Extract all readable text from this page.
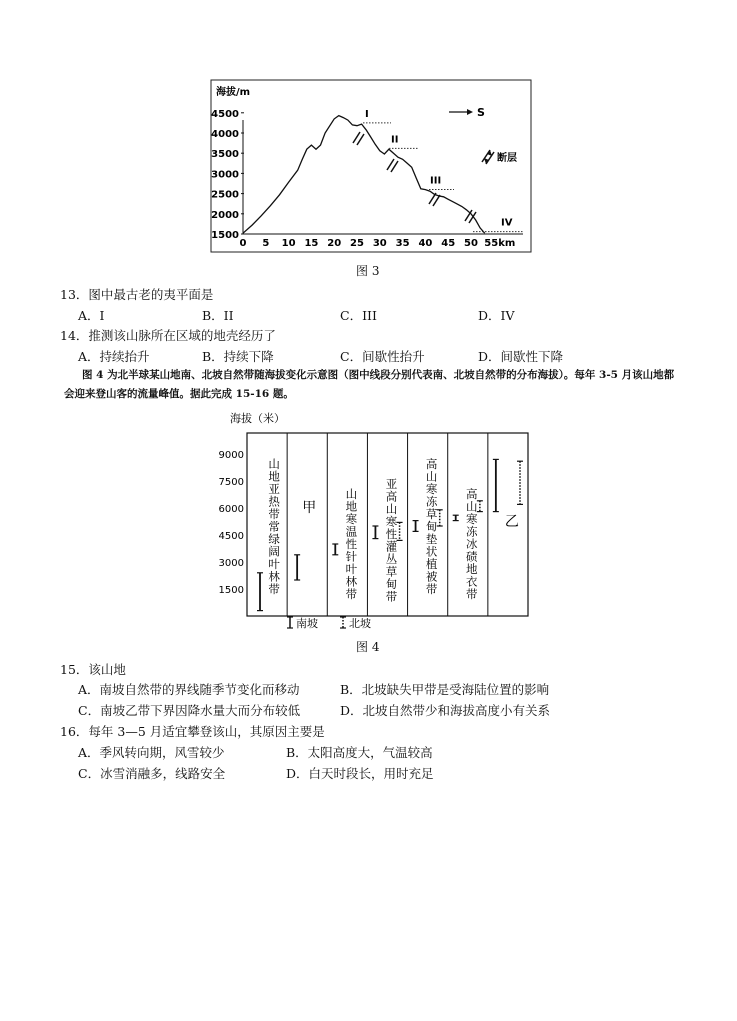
海拔/m
4500
4000
3500
3000
2500
2000
1500
0 5 10 15 20 25 30 35 40 45 50 55km
I
II
III
IV
S
断层
图 3
13．图中最古老的夷平面是
A．I	B．II	C．III	D．IV
14．推测该山脉所在区域的地壳经历了
A．持续抬升	B．持续下降	C．间歇性抬升	D．间歇性下降
图 4 为北半球某山地南、北坡自然带随海拔变化示意图（图中线段分别代表南、北坡自然带的分布海拔）。每年 3-5 月该山地都会迎来登山客的流量峰值。据此完成 15-16 题。
海拔（米）
9000
7500
6000
4500
3000
1500
山地亚热带常绿阔叶林带
甲
山地寒温性针叶林带
亚高山寒性灌丛草甸带
高山寒冻草甸垫状植被带
高山寒冻冰碛地衣带
乙
南坡	北坡
图 4
15．该山地
A．南坡自然带的界线随季节变化而移动	B．北坡缺失甲带是受海陆位置的影响
C．南坡乙带下界因降水量大而分布较低	D．北坡自然带少和海拔高度小有关系
16．每年 3—5 月适宜攀登该山，其原因主要是
A．季风转向期，风雪较少	B．太阳高度大，气温较高
C．冰雪消融多，线路安全	D．白天时段长，用时充足
